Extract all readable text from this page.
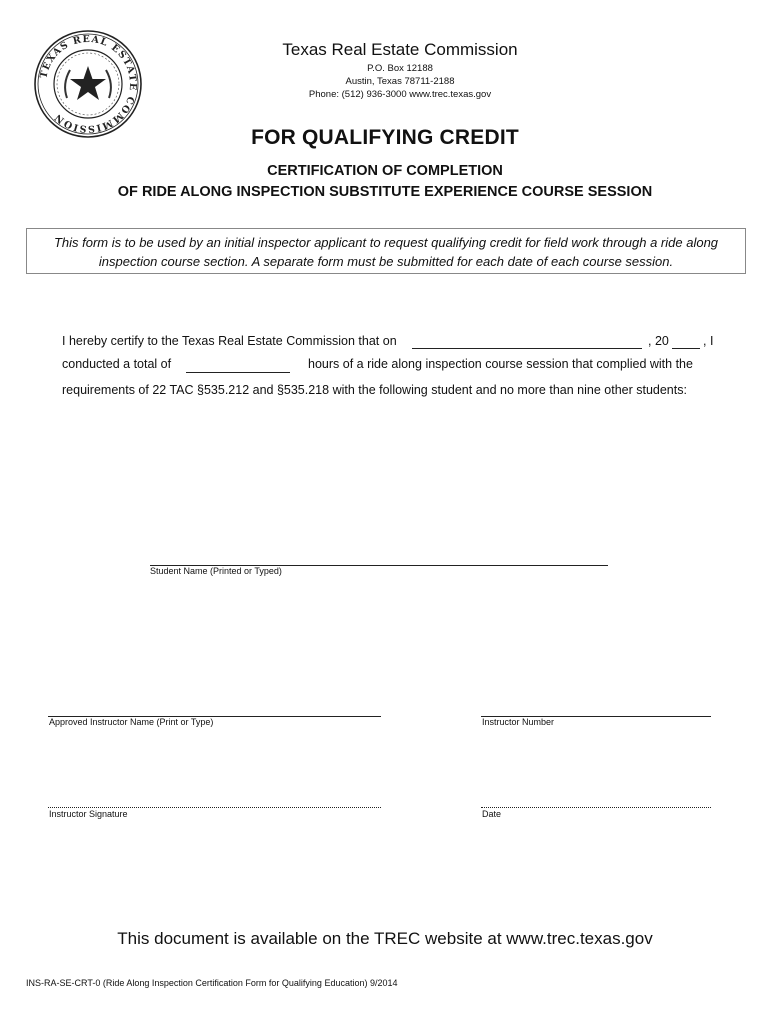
TEXAS REAL ESTATE COMMISSION
Texas Real Estate Commission
P.O. Box 12188
Austin, Texas 78711-2188
Phone: (512) 936-3000 www.trec.texas.gov
FOR QUALIFYING CREDIT
CERTIFICATION OF COMPLETION
OF RIDE ALONG INSPECTION SUBSTITUTE EXPERIENCE COURSE SESSION

This form is to be used by an initial inspector applicant to request qualifying credit for field work through a ride along inspection course section. A separate form must be submitted for each date of each course session.

I hereby certify to the Texas Real Estate Commission that on	, 20	, I
conducted a total of	hours of a ride along inspection course session that complied with the
requirements of 22 TAC §535.212 and §535.218 with the following student and no more than nine other students:
Student Name (Printed or Typed)
Approved Instructor Name (Print or Type)	Instructor Number
Instructor Signature	Date
This document is available on the TREC website at www.trec.texas.gov
INS-RA-SE-CRT-0 (Ride Along Inspection Certification Form for Qualifying Education) 9/2014
